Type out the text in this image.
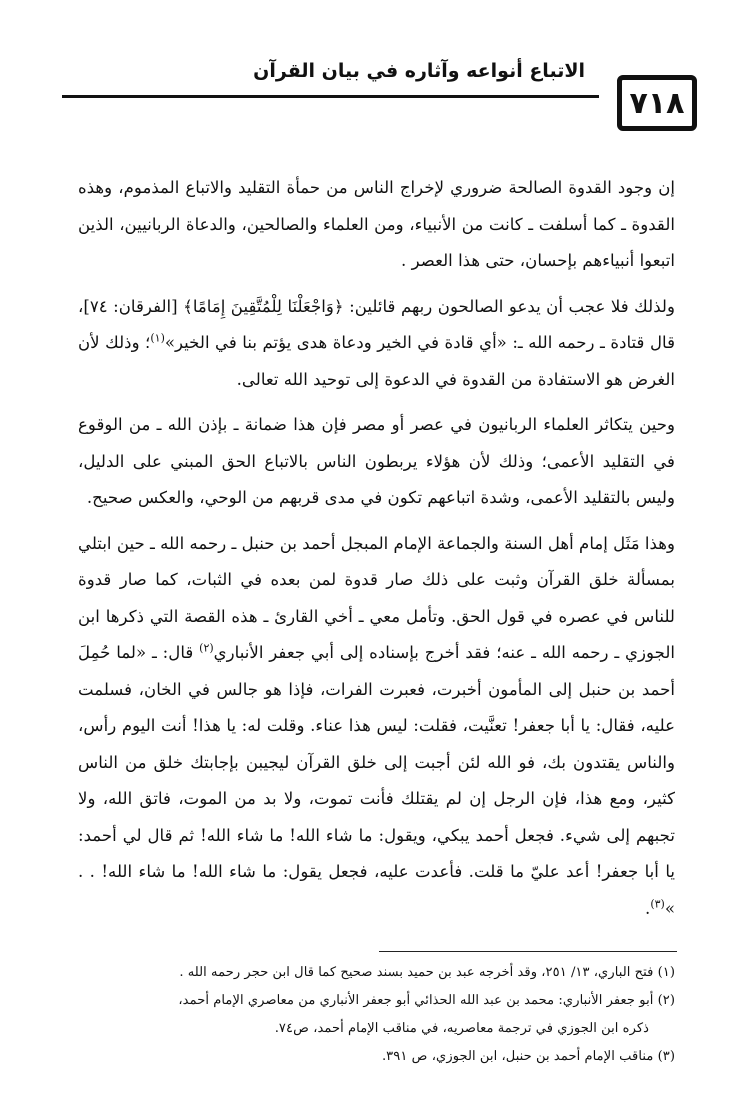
الاتباع أنواعه وآثاره في بيان القرآن
٧١٨

إن وجود القدوة الصالحة ضروري لإخراج الناس من حمأة التقليد والاتباع المذموم، وهذه القدوة ـ كما أسلفت ـ كانت من الأنبياء، ومن العلماء والصالحين، والدعاة الربانيين، الذين اتبعوا أنبياءهم بإحسان، حتى هذا العصر .

ولذلك فلا عجب أن يدعو الصالحون ربهم قائلين: ﴿وَاجْعَلْنَا لِلْمُتَّقِينَ إِمَامًا﴾ [الفرقان: ٧٤]، قال قتادة ـ رحمه الله ـ: «أي قادة في الخير ودعاة هدى يؤتم بنا في الخير»$^{(١)}$؛ وذلك لأن الغرض هو الاستفادة من القدوة في الدعوة إلى توحيد الله تعالى.

وحين يتكاثر العلماء الربانيون في عصر أو مصر فإن هذا ضمانة ـ بإذن الله ـ من الوقوع في التقليد الأعمى؛ وذلك لأن هؤلاء يربطون الناس بالاتباع الحق المبني على الدليل، وليس بالتقليد الأعمى، وشدة اتباعهم تكون في مدى قربهم من الوحي، والعكس صحيح.

وهذا مَثَل إمام أهل السنة والجماعة الإمام المبجل أحمد بن حنبل ـ رحمه الله ـ حين ابتلي بمسألة خلق القرآن وثبت على ذلك صار قدوة لمن بعده في الثبات، كما صار قدوة للناس في عصره في قول الحق. وتأمل معي ـ أخي القارئ ـ هذه القصة التي ذكرها ابن الجوزي ـ رحمه الله ـ عنه؛ فقد أخرج بإسناده إلى أبي جعفر الأنباري$^{(٢)}$ قال: ـ «لما حُمِلَ أحمد بن حنبل إلى المأمون أخبرت، فعبرت الفرات، فإذا هو جالس في الخان، فسلمت عليه، فقال: يا أبا جعفر! تعنَّيت، فقلت: ليس هذا عناء. وقلت له: يا هذا! أنت اليوم رأس، والناس يقتدون بك، فو الله لئن أجبت إلى خلق القرآن ليجيبن بإجابتك خلق من الناس كثير، ومع هذا، فإن الرجل إن لم يقتلك فأنت تموت، ولا بد من الموت، فاتق الله، ولا تجبهم إلى شيء. فجعل أحمد يبكي، ويقول: ما شاء الله! ما شاء الله! ثم قال لي أحمد: يا أبا جعفر! أعد عليّ ما قلت. فأعدت عليه، فجعل يقول: ما شاء الله! ما شاء الله! . . »$^{(٣)}$.

(١) فتح الباري، ١٣/ ٢٥١، وقد أخرجه عبد بن حميد بسند صحيح كما قال ابن حجر رحمه الله .
(٢) أبو جعفر الأنباري: محمد بن عبد الله الحذائي أبو جعفر الأنباري من معاصري الإمام أحمد،
ذكره ابن الجوزي في ترجمة معاصريه، في مناقب الإمام أحمد، ص٧٤.
(٣) مناقب الإمام أحمد بن حنبل، ابن الجوزي، ص ٣٩١.
